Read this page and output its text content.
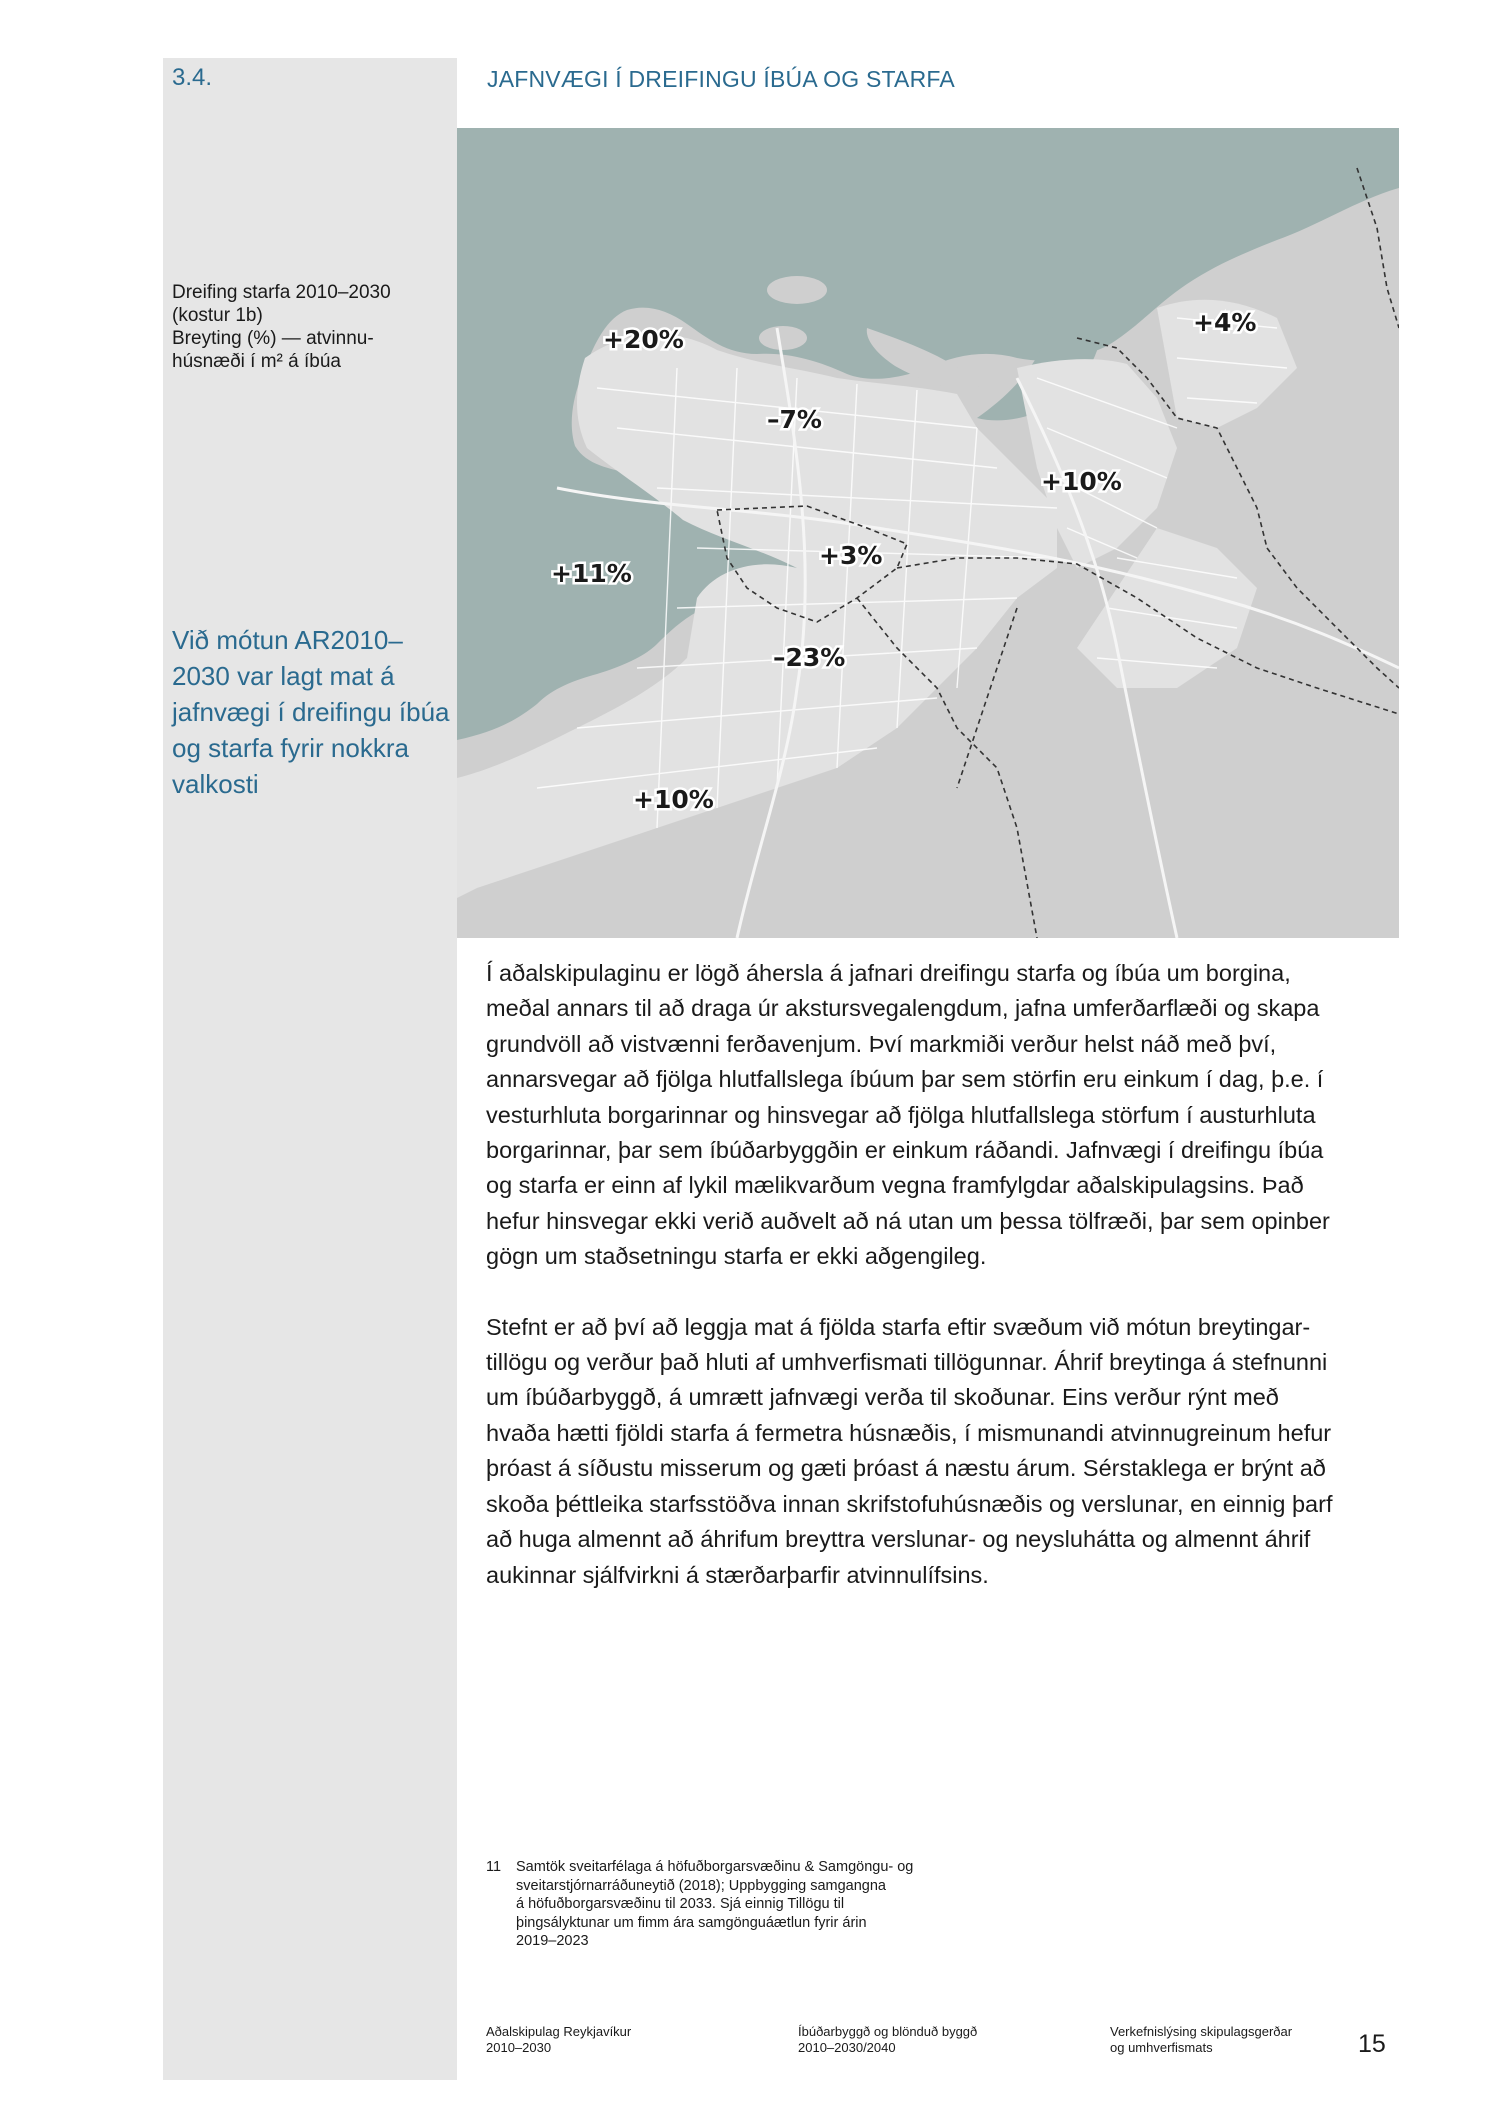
3.4.	JAFNVÆGI Í DREIFINGU ÍBÚA OG STARFA
Dreifing starfa 2010–2030
(kostur 1b)
Breyting (%) — atvinnu-
húsnæði í m² á íbúa
Við mótun AR2010–
2030 var lagt mat á
jafnvægi í dreifingu íbúa
og starfa fyrir nokkra
valkosti
+20%
–7%
+4%
+10%
+3%
+11%
–23%
+10%

Í aðalskipulaginu er lögð áhersla á jafnari dreifingu starfa og íbúa um borgina,

meðal annars til að draga úr akstursvegalengdum, jafna umferðarflæði og skapa

grundvöll að vistvænni ferðavenjum. Því markmiði verður helst náð með því,

annarsvegar að fjölga hlutfallslega íbúum þar sem störfin eru einkum í dag, þ.e. í

vesturhluta borgarinnar og hinsvegar að fjölga hlutfallslega störfum í austurhluta

borgarinnar, þar sem íbúðarbyggðin er einkum ráðandi. Jafnvægi í dreifingu íbúa

og starfa er einn af lykil mælikvarðum vegna framfylgdar aðalskipulagsins. Það

hefur hinsvegar ekki verið auðvelt að ná utan um þessa tölfræði, þar sem opinber

gögn um staðsetningu starfa er ekki aðgengileg.

Stefnt er að því að leggja mat á fjölda starfa eftir svæðum við mótun breytingar-

tillögu og verður það hluti af umhverfismati tillögunnar. Áhrif breytinga á stefnunni

um íbúðarbyggð, á umrætt jafnvægi verða til skoðunar. Eins verður rýnt með

hvaða hætti fjöldi starfa á fermetra húsnæðis, í mismunandi atvinnugreinum hefur

þróast á síðustu misserum og gæti þróast á næstu árum. Sérstaklega er brýnt að

skoða þéttleika starfsstöðva innan skrifstofuhúsnæðis og verslunar, en einnig þarf

að huga almennt að áhrifum breyttra verslunar- og neysluhátta og almennt áhrif

aukinnar sjálfvirkni á stærðarþarfir atvinnulífsins.

11 Samtök sveitarfélaga á höfuðborgarsvæðinu & Samgöngu- og
sveitarstjórnarráðuneytið (2018); Uppbygging samgangna
á höfuðborgarsvæðinu til 2033. Sjá einnig Tillögu til
þingsályktunar um fimm ára samgönguáætlun fyrir árin
2019–2023
Aðalskipulag Reykjavíkur
2010–2030
Íbúðarbyggð og blönduð byggð
2010–2030/2040
Verkefnislýsing skipulagsgerðar
og umhverfismats	15
